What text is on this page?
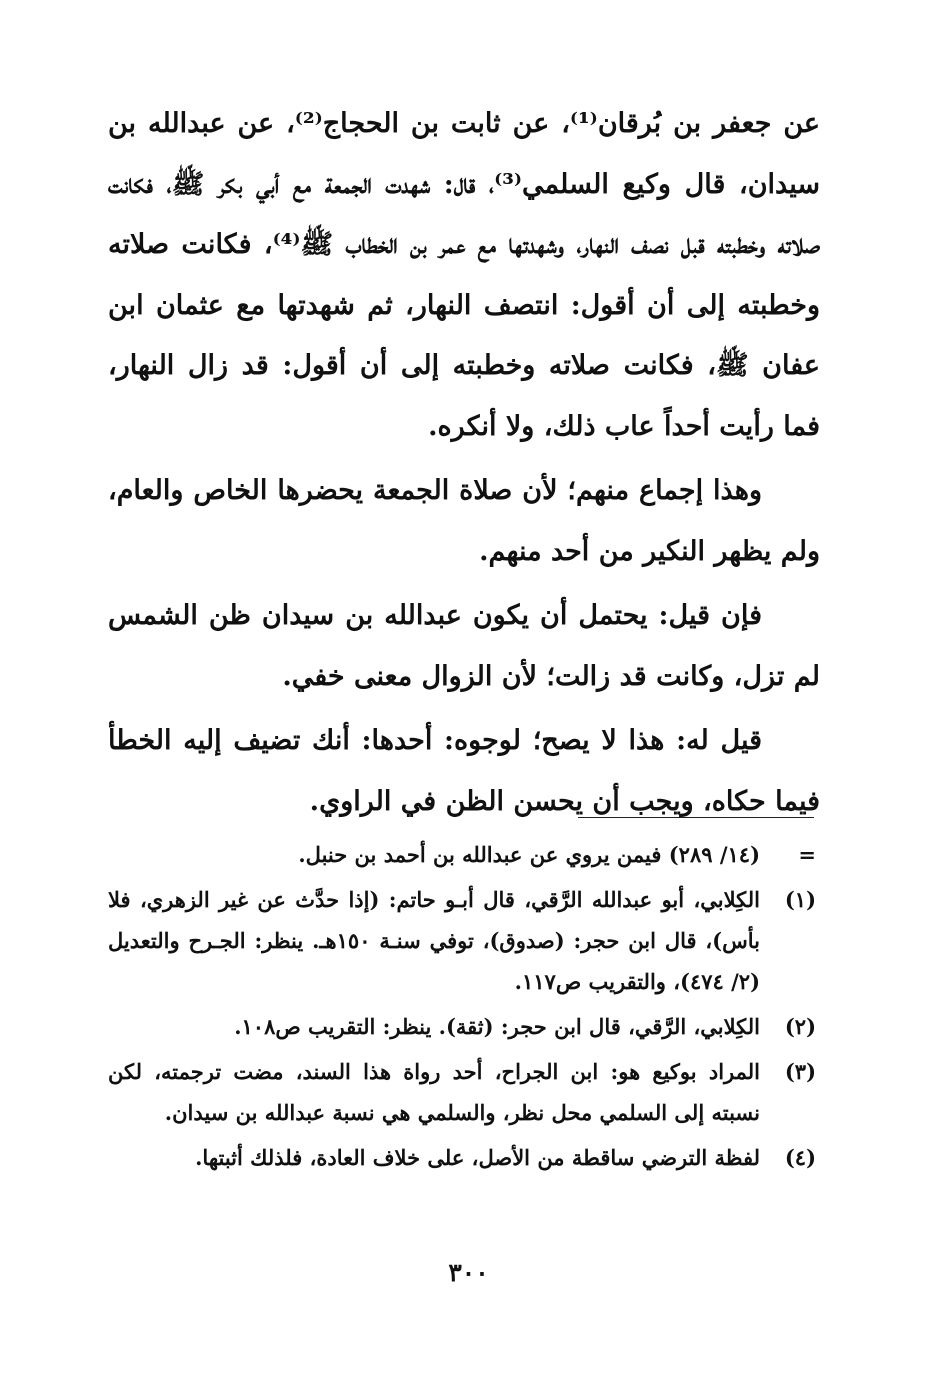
عن جعفر بن بُرقان⁽¹⁾، عن ثابت بن الحجاج⁽²⁾، عن عبدالله بن سيدان، قال وكيع السلمي⁽³⁾، قال: شهدت الجمعة مع أبي بكر ﷺ، فكانت صلاته وخطبته قبل نصف النهار، وشهدتها مع عمر بن الخطاب ﷺ⁽⁴⁾، فكانت صلاته وخطبته إلى أن أقول: انتصف النهار، ثم شهدتها مع عثمان ابن عفان ﷺ، فكانت صلاته وخطبته إلى أن أقول: قد زال النهار، فما رأيت أحداً عاب ذلك، ولا أنكره.

وهذا إجماع منهم؛ لأن صلاة الجمعة يحضرها الخاص والعام، ولم يظهر النكير من أحد منهم.

فإن قيل: يحتمل أن يكون عبدالله بن سيدان ظن الشمس لم تزل، وكانت قد زالت؛ لأن الزوال معنى خفي.

قيل له: هذا لا يصح؛ لوجوه: أحدها: أنك تضيف إليه الخطأ فيما حكاه، ويجب أن يحسن الظن في الراوي.

=
(١٤/ ٢٨٩) فيمن يروي عن عبدالله بن أحمد بن حنبل.
(١)
الكِلابي، أبو عبدالله الرَّقي، قال أبـو حاتم: (إذا حدَّث عن غير الزهري، فلا بأس)، قال ابن حجر: (صدوق)، توفي سنـة ١٥٠هـ. ينظر: الجـرح والتعديل (٢/ ٤٧٤)، والتقريب ص١١٧.
(٢)
الكِلابي، الرَّقي، قال ابن حجر: (ثقة). ينظر: التقريب ص١٠٨.
(٣)
المراد بوكيع هو: ابن الجراح، أحد رواة هذا السند، مضت ترجمته، لكن نسبته إلى السلمي محل نظر، والسلمي هي نسبة عبدالله بن سيدان.
(٤)
لفظة الترضي ساقطة من الأصل، على خلاف العادة، فلذلك أثبتها.
٣٠٠
